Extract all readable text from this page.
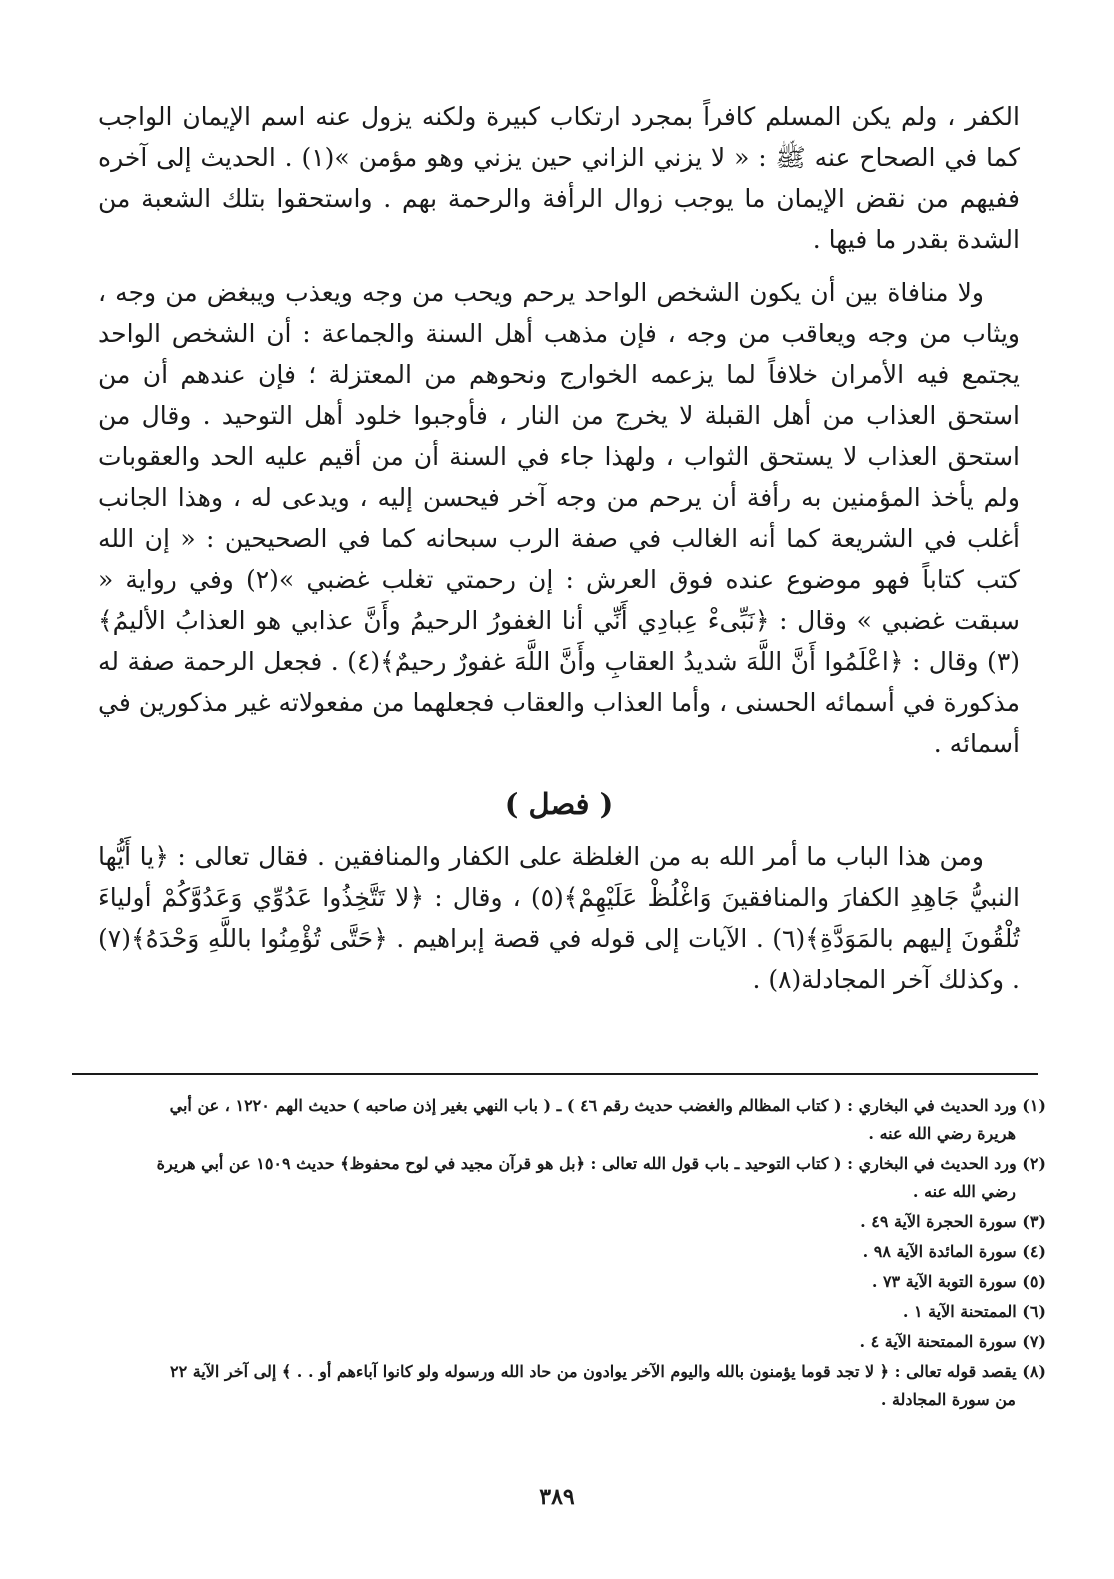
الكفر ، ولم يكن المسلم كافراً بمجرد ارتكاب كبيرة ولكنه يزول عنه اسم الإيمان الواجب كما في الصحاح عنه ﷺ : « لا يزني الزاني حين يزني وهو مؤمن »(١) . الحديث إلى آخره ففيهم من نقض الإيمان ما يوجب زوال الرأفة والرحمة بهم . واستحقوا بتلك الشعبة من الشدة بقدر ما فيها .

ولا منافاة بين أن يكون الشخص الواحد يرحم ويحب من وجه ويعذب ويبغض من وجه ، ويثاب من وجه ويعاقب من وجه ، فإن مذهب أهل السنة والجماعة : أن الشخص الواحد يجتمع فيه الأمران خلافاً لما يزعمه الخوارج ونحوهم من المعتزلة ؛ فإن عندهم أن من استحق العذاب من أهل القبلة لا يخرج من النار ، فأوجبوا خلود أهل التوحيد . وقال من استحق العذاب لا يستحق الثواب ، ولهذا جاء في السنة أن من أقيم عليه الحد والعقوبات ولم يأخذ المؤمنين به رأفة أن يرحم من وجه آخر فيحسن إليه ، ويدعى له ، وهذا الجانب أغلب في الشريعة كما أنه الغالب في صفة الرب سبحانه كما في الصحيحين : « إن الله كتب كتاباً فهو موضوع عنده فوق العرش : إن رحمتي تغلب غضبي »(٢) وفي رواية « سبقت غضبي » وقال : ﴿نَبِّىءْ عِبادِي أَنِّي أنا الغفورُ الرحيمُ وأَنَّ عذابي هو العذابُ الأليمُ﴾(٣) وقال : ﴿اعْلَمُوا أَنَّ اللَّهَ شديدُ العقابِ وأَنَّ اللَّهَ غفورٌ رحيمٌ﴾(٤) . فجعل الرحمة صفة له مذكورة في أسمائه الحسنى ، وأما العذاب والعقاب فجعلهما من مفعولاته غير مذكورين في أسمائه .

( فصل )

ومن هذا الباب ما أمر الله به من الغلظة على الكفار والمنافقين . فقال تعالى : ﴿يا أَيُّها النبيُّ جَاهِدِ الكفارَ والمنافقينَ وَاغْلُظْ عَلَيْهِمْ﴾(٥) ، وقال : ﴿لا تَتَّخِذُوا عَدُوِّي وَعَدُوَّكُمْ أولياءَ تُلْقُونَ إليهم بالمَوَدَّةِ﴾(٦) . الآيات إلى قوله في قصة إبراهيم . ﴿حَتَّى تُؤْمِنُوا باللَّهِ وَحْدَهُ﴾(٧) . وكذلك آخر المجادلة(٨) .

(١) ورد الحديث في البخاري : ( كتاب المظالم والغضب حديث رقم ٤٦ ) ـ ( باب النهي بغير إذن صاحبه ) حديث الهم ١٢٢٠ ، عن أبي
هريرة رضي الله عنه .

(٢) ورد الحديث في البخاري : ( كتاب التوحيد ـ باب قول الله تعالى : ﴿بل هو قرآن مجيد في لوح محفوظ﴾ حديث ١٥٠٩ عن أبي هريرة
رضي الله عنه .

(٣) سورة الحجرة الآية ٤٩ .

(٤) سورة المائدة الآية ٩٨ .

(٥) سورة التوبة الآية ٧٣ .

(٦) الممتحنة الآية ١ .

(٧) سورة الممتحنة الآية ٤ .

(٨) يقصد قوله تعالى : ﴿ لا تجد قوما يؤمنون بالله واليوم الآخر يوادون من حاد الله ورسوله ولو كانوا آباءهم أو . . ﴾ إلى آخر الآية ٢٢
من سورة المجادلة .

٣٨٩
